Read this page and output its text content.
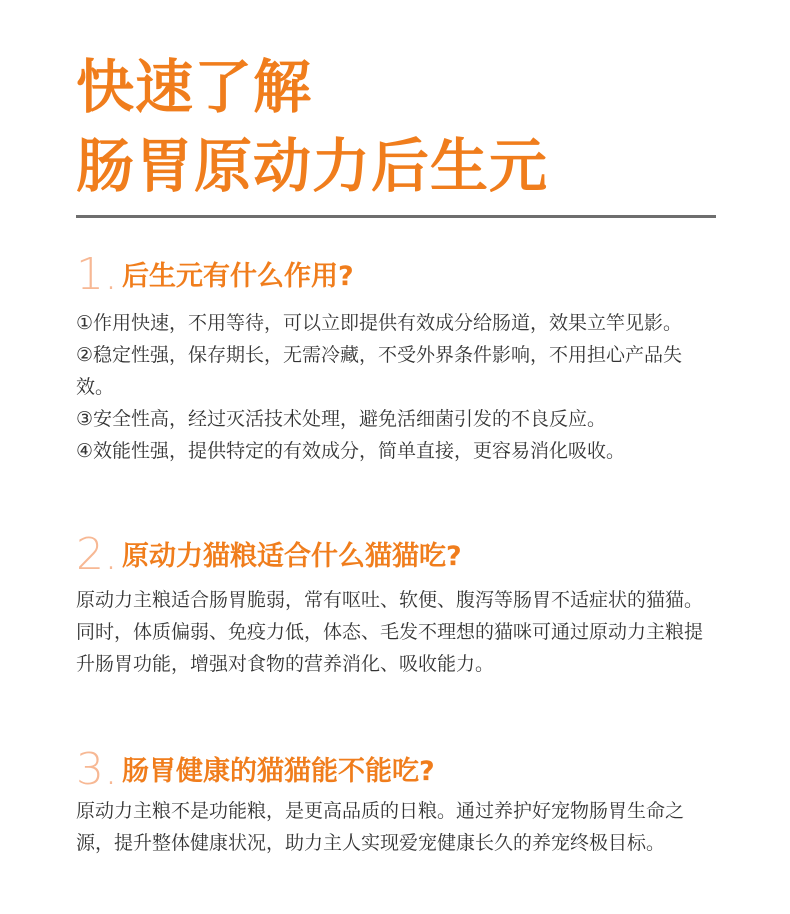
快速了解
肠胃原动力后生元
1. 后生元有什么作用?

①作用快速，不用等待，可以立即提供有效成分给肠道，效果立竿见影。

②稳定性强，保存期长，无需冷藏，不受外界条件影响，不用担心产品失效。

③安全性高，经过灭活技术处理，避免活细菌引发的不良反应。

④效能性强，提供特定的有效成分，简单直接，更容易消化吸收。

2. 原动力猫粮适合什么猫猫吃?

原动力主粮适合肠胃脆弱，常有呕吐、软便、腹泻等肠胃不适症状的猫猫。同时，体质偏弱、免疫力低，体态、毛发不理想的猫咪可通过原动力主粮提升肠胃功能，增强对食物的营养消化、吸收能力。

3. 肠胃健康的猫猫能不能吃?

原动力主粮不是功能粮，是更高品质的日粮。通过养护好宠物肠胃生命之源，提升整体健康状况，助力主人实现爱宠健康长久的养宠终极目标。
